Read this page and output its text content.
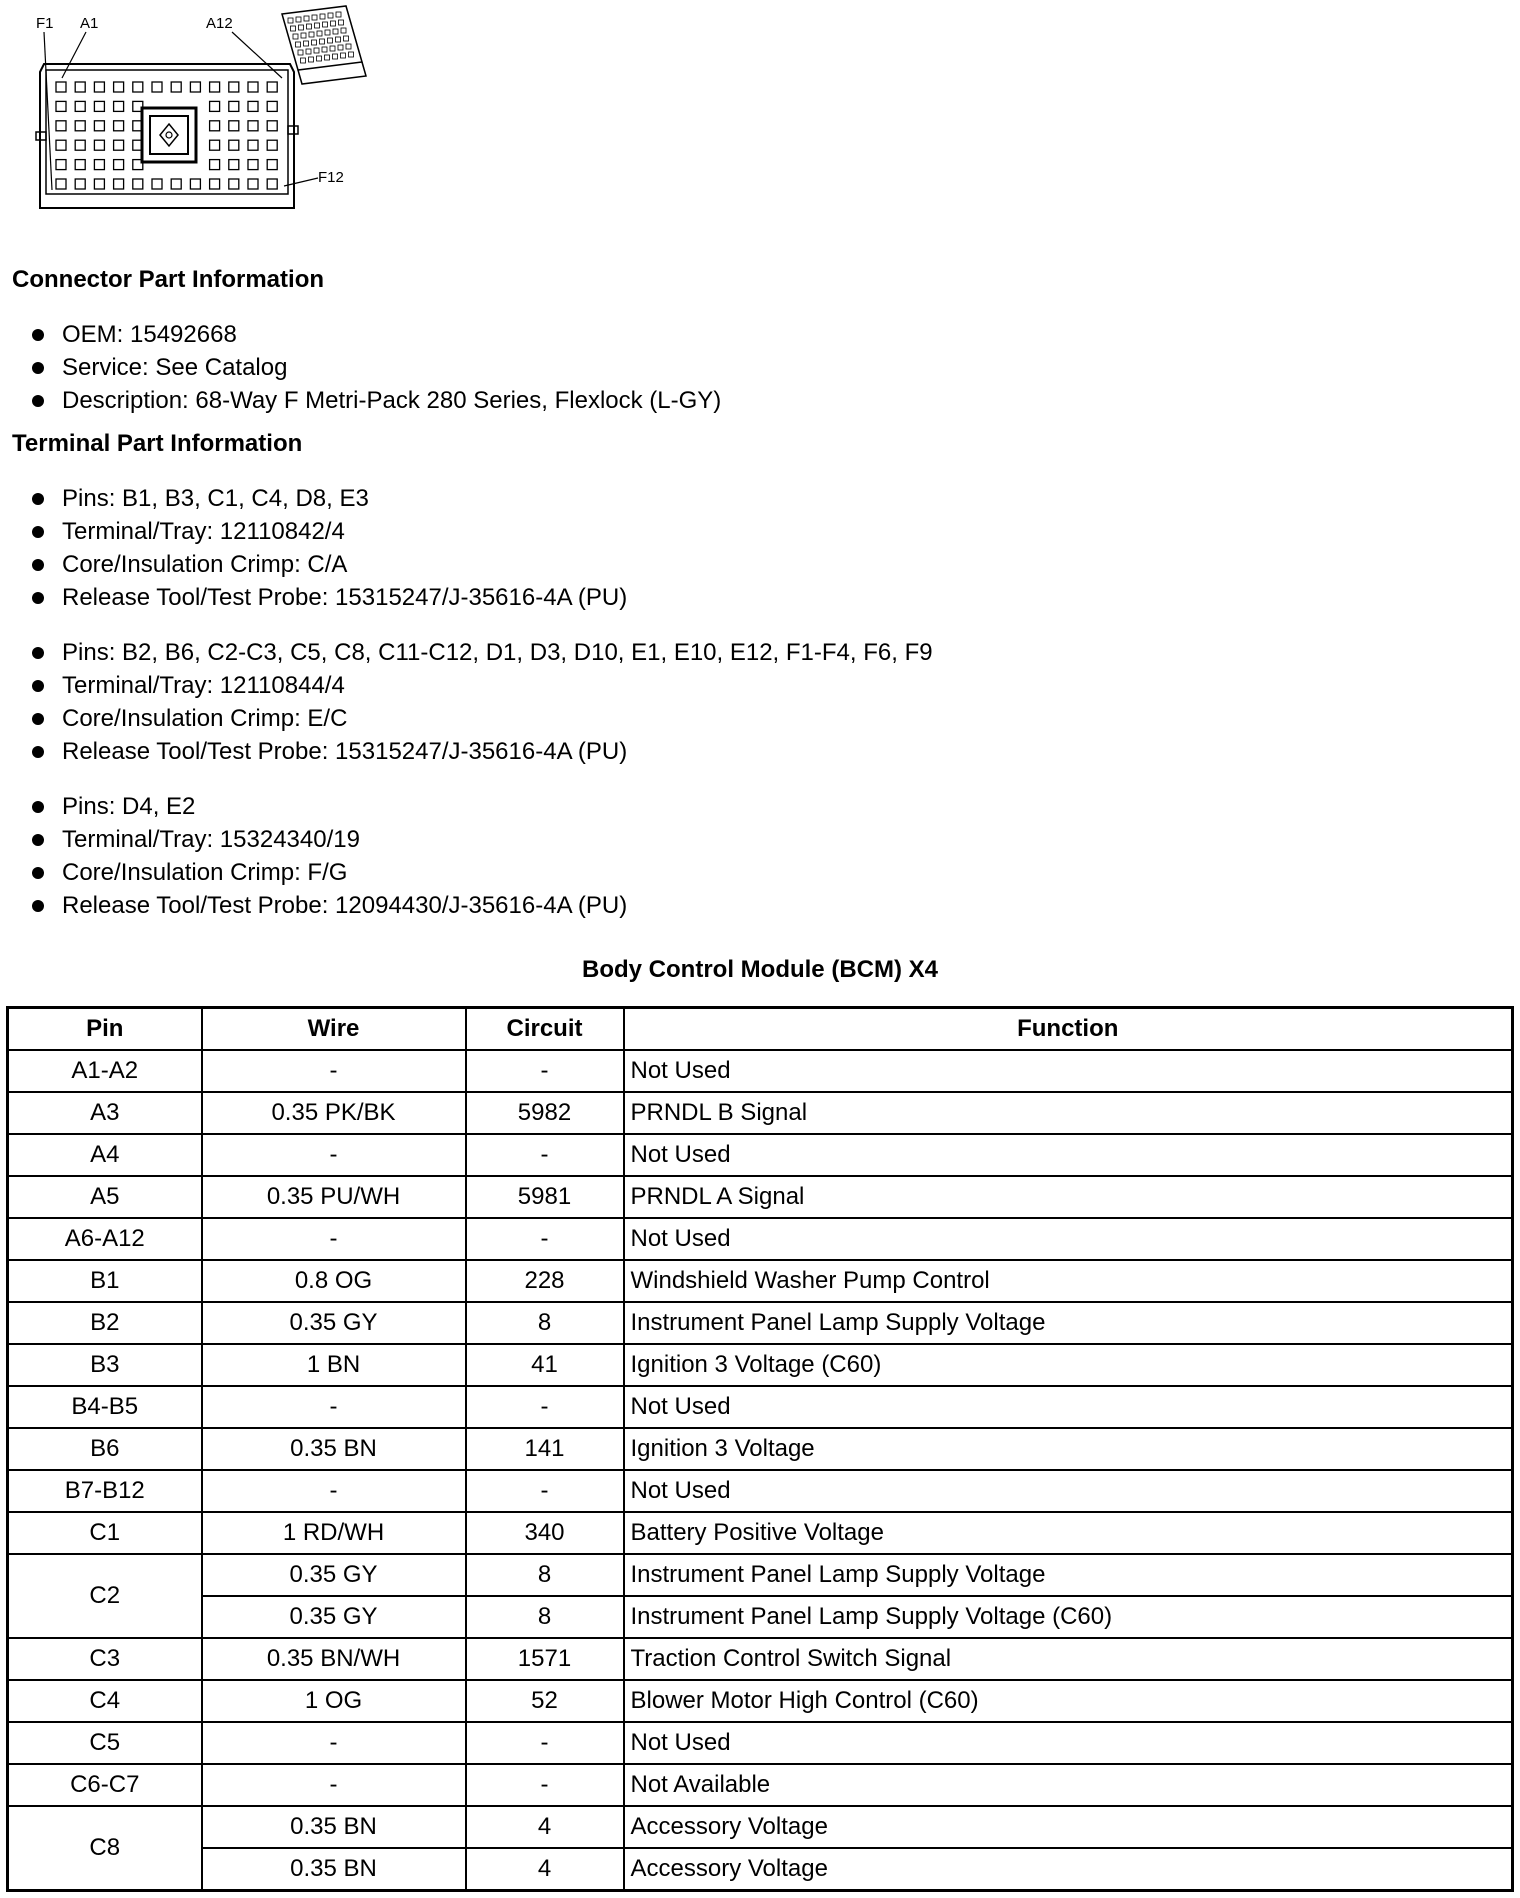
F1 A1	A12
F12
Connector Part Information
OEM: 15492668
Service: See Catalog
Description: 68-Way F Metri-Pack 280 Series, Flexlock (L-GY)
Terminal Part Information
Pins: B1, B3, C1, C4, D8, E3
Terminal/Tray: 12110842/4
Core/Insulation Crimp: C/A
Release Tool/Test Probe: 15315247/J-35616-4A (PU)
Pins: B2, B6, C2-C3, C5, C8, C11-C12, D1, D3, D10, E1, E10, E12, F1-F4, F6, F9
Terminal/Tray: 12110844/4
Core/Insulation Crimp: E/C
Release Tool/Test Probe: 15315247/J-35616-4A (PU)
Pins: D4, E2
Terminal/Tray: 15324340/19
Core/Insulation Crimp: F/G
Release Tool/Test Probe: 12094430/J-35616-4A (PU)
Body Control Module (BCM) X4
Pin	Wire	Circuit	Function
A1-A2	-	-	Not Used
A3	0.35 PK/BK	5982	PRNDL B Signal
A4	-	-	Not Used
A5	0.35 PU/WH	5981	PRNDL A Signal
A6-A12	-	-	Not Used
B1	0.8 OG	228	Windshield Washer Pump Control
B2	0.35 GY	8	Instrument Panel Lamp Supply Voltage
B3	1 BN	41	Ignition 3 Voltage (C60)
B4-B5	-	-	Not Used
B6	0.35 BN	141	Ignition 3 Voltage
B7-B12	-	-	Not Used
C1	1 RD/WH	340	Battery Positive Voltage
C2	0.35 GY	8	Instrument Panel Lamp Supply Voltage
	0.35 GY	8	Instrument Panel Lamp Supply Voltage (C60)
C3	0.35 BN/WH	1571	Traction Control Switch Signal
C4	1 OG	52	Blower Motor High Control (C60)
C5	-	-	Not Used
C6-C7	-	-	Not Available
C8	0.35 BN	4	Accessory Voltage
	0.35 BN	4	Accessory Voltage
